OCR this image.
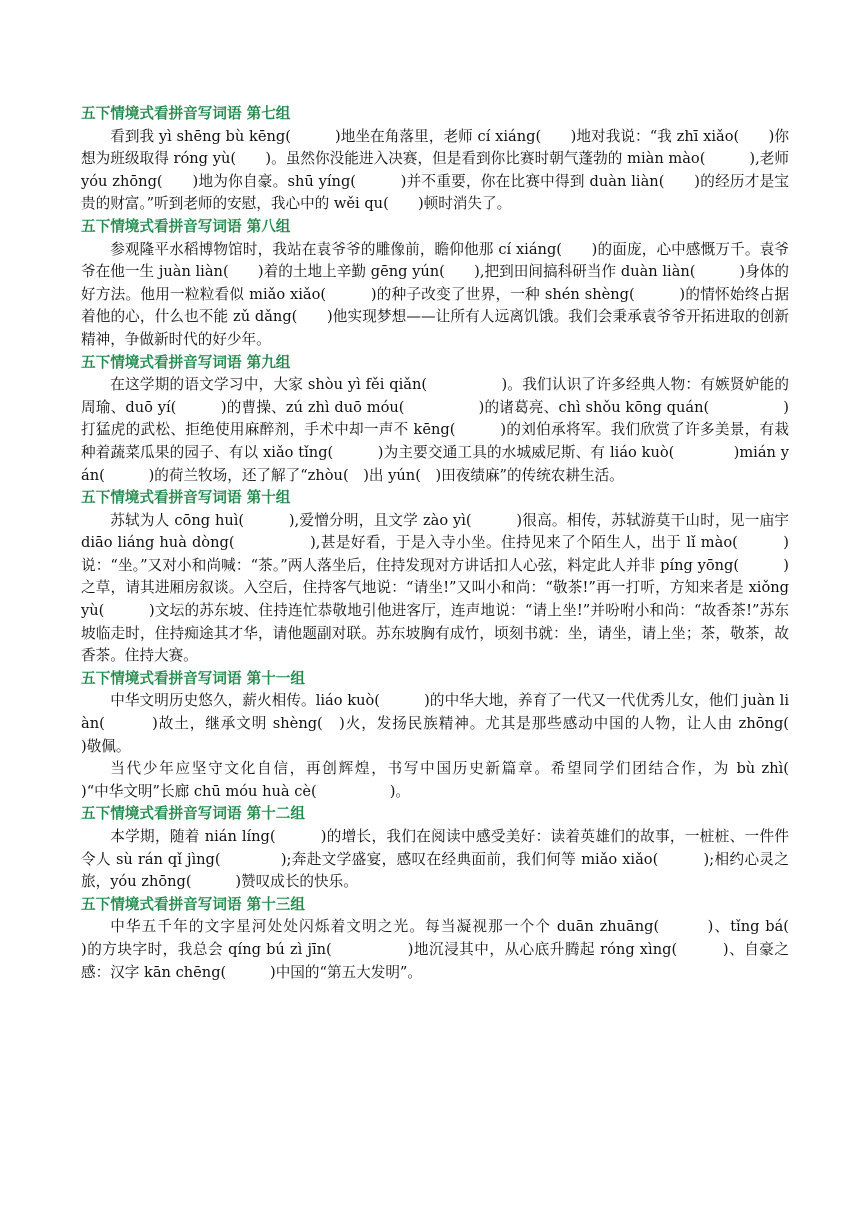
五下情境式看拼音写词语 第七组

看到我 yì shēng bù kēng(　　　)地坐在角落里，老师 cí xiáng(　　)地对我说：“我 zhī xiǎo(　　)你想为班级取得 róng yù(　　)。虽然你没能进入决赛，但是看到你比赛时朝气蓬勃的 miàn mào(　　　),老师 yóu zhōng(　　)地为你自豪。shū yíng(　　　)并不重要，你在比赛中得到 duàn liàn(　　)的经历才是宝贵的财富。”听到老师的安慰，我心中的 wěi qu(　　)顿时消失了。

五下情境式看拼音写词语 第八组

参观隆平水稻博物馆时，我站在袁爷爷的雕像前，瞻仰他那 cí xiáng(　　)的面庞，心中感慨万千。袁爷爷在他一生 juàn liàn(　　)着的土地上辛勤 gēng yún(　　),把到田间搞科研当作 duàn liàn(　　　)身体的好方法。他用一粒粒看似 miǎo xiǎo(　　　)的种子改变了世界，一种 shén shèng(　　　)的情怀始终占据着他的心，什么也不能 zǔ dǎng(　　)他实现梦想——让所有人远离饥饿。我们会秉承袁爷爷开拓进取的创新精神，争做新时代的好少年。

五下情境式看拼音写词语 第九组

在这学期的语文学习中，大家 shòu yì fěi qiǎn(　　　　　)。我们认识了许多经典人物：有嫉贤妒能的周瑜、duō yí(　　　)的曹操、zú zhì duō móu(　　　　　)的诸葛亮、chì shǒu kōng quán(　　　　　)打猛虎的武松、拒绝使用麻醉剂，手术中却一声不 kēng(　　　)的刘伯承将军。我们欣赏了许多美景，有栽种着蔬菜瓜果的园子、有以 xiǎo tǐng(　　　)为主要交通工具的水城威尼斯、有 liáo kuò(　　　　)mián yán(　　　)的荷兰牧场，还了解了“zhòu(　)出 yún(　)田夜绩麻”的传统农耕生活。

五下情境式看拼音写词语 第十组

苏轼为人 cōng huì(　　　),爱憎分明，且文学 zào yì(　　　)很高。相传，苏轼游莫干山时，见一庙宇 diāo liáng huà dòng(　　　　　),甚是好看，于是入寺小坐。住持见来了个陌生人，出于 lǐ mào(　　　)说：“坐。”又对小和尚喊：“茶。”两人落坐后，住持发现对方讲话扣人心弦，料定此人并非 píng yōng(　　　)之草，请其进厢房叙谈。入空后，住持客气地说：“请坐!”又叫小和尚：“敬茶!”再一打听，方知来者是 xiǒng yù(　　　)文坛的苏东坡、住持连忙恭敬地引他进客厅，连声地说：“请上坐!”并吩咐小和尚：“故香茶!”苏东坡临走时，住持痴途其才华，请他题副对联。苏东坡胸有成竹，顷刻书就：坐，请坐，请上坐；茶，敬茶，故香茶。住持大赛。

五下情境式看拼音写词语 第十一组

中华文明历史悠久，薪火相传。liáo kuò(　　　)的中华大地，养育了一代又一代优秀儿女，他们 juàn liàn(　　　)故土，继承文明 shèng(　)火，发扬民族精神。尤其是那些感动中国的人物，让人由 zhōng(　　　)敬佩。

当代少年应坚守文化自信，再创辉煌，书写中国历史新篇章。希望同学们团结合作，为 bù zhì(　　　)“中华文明”长廊 chū móu huà cè(　　　　　)。

五下情境式看拼音写词语 第十二组

本学期，随着 nián líng(　　　)的增长，我们在阅读中感受美好：读着英雄们的故事，一桩桩、一件件令人 sù rán qǐ jìng(　　　　);奔赴文学盛宴，感叹在经典面前，我们何等 miǎo xiǎo(　　　);相约心灵之旅，yóu zhōng(　　　)赞叹成长的快乐。

五下情境式看拼音写词语 第十三组

中华五千年的文字星河处处闪烁着文明之光。每当凝视那一个个 duān zhuāng(　　　)、tǐng bá(　　　)的方块字时，我总会 qíng bú zì jīn(　　　　　)地沉浸其中，从心底升腾起 róng xìng(　　　)、自豪之感：汉字 kān chēng(　　　)中国的“第五大发明”。
